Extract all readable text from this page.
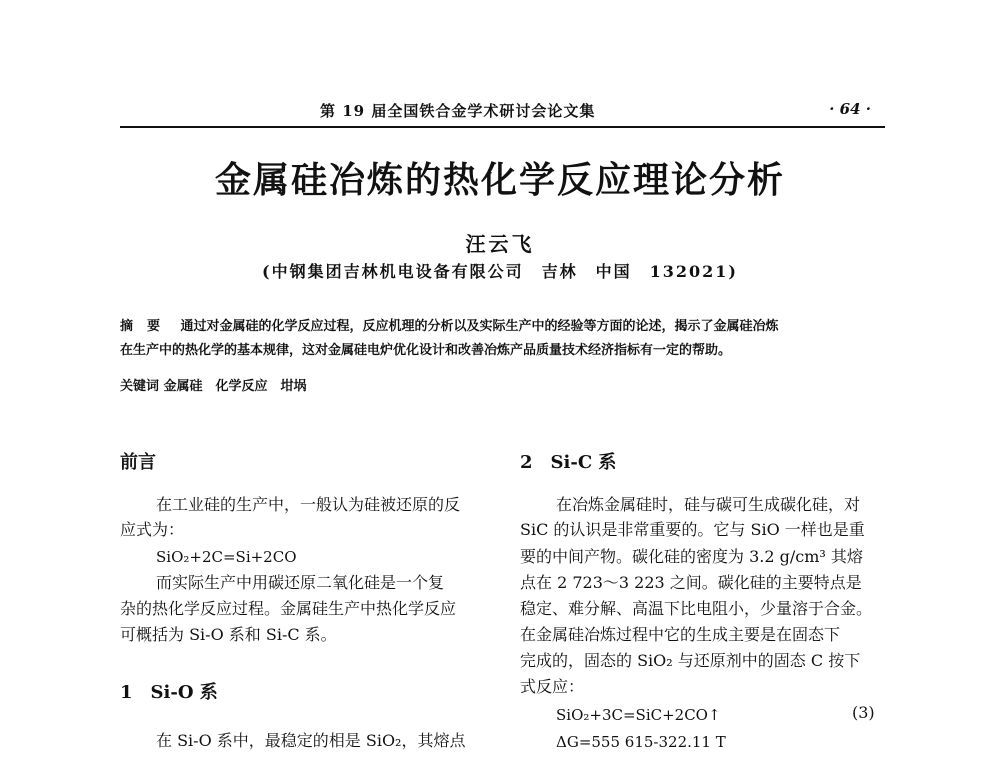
第 19 届全国铁合金学术研讨会论文集	· 64 ·
金属硅冶炼的热化学反应理论分析
汪云飞
(中钢集团吉林机电设备有限公司　吉林　中国　132021)
摘要 通过对金属硅的化学反应过程，反应机理的分析以及实际生产中的经验等方面的论述，揭示了金属硅冶炼
在生产中的热化学的基本规律，这对金属硅电炉优化设计和改善冶炼产品质量技术经济指标有一定的帮助。
关键词 金属硅　化学反应　坩埚
前言
在工业硅的生产中，一般认为硅被还原的反
应式为：
SiO₂+2C=Si+2CO
而实际生产中用碳还原二氧化硅是一个复
杂的热化学反应过程。金属硅生产中热化学反应
可概括为 Si-O 系和 Si-C 系。
1　Si-O 系
在 Si-O 系中，最稳定的相是 SiO₂，其熔点
2　Si-C 系
在冶炼金属硅时，硅与碳可生成碳化硅，对
SiC 的认识是非常重要的。它与 SiO 一样也是重
要的中间产物。碳化硅的密度为 3.2 g/cm³ 其熔
点在 2 723～3 223 之间。碳化硅的主要特点是
稳定、难分解、高温下比电阻小，少量溶于合金。
在金属硅冶炼过程中它的生成主要是在固态下
完成的，固态的 SiO₂ 与还原剂中的固态 C 按下
式反应：
SiO₂+3C=SiC+2CO↑	(3)
ΔG=555 615-322.11 T
